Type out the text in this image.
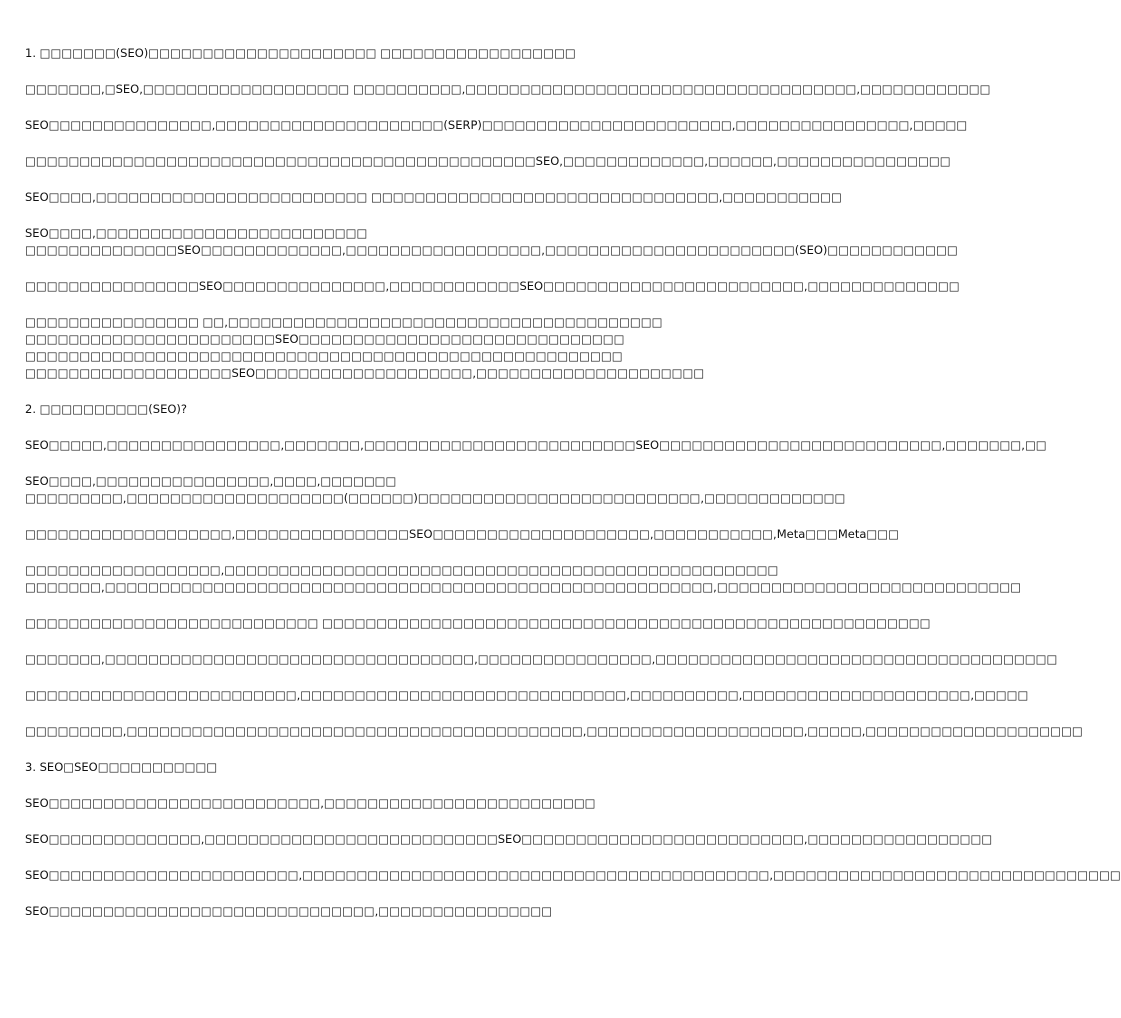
1. □□□□□□□(SEO)□□□□□□□□□□□□□□□□□□□□□ □□□□□□□□□□□□□□□□□□
□□□□□□□,□SEO,□□□□□□□□□□□□□□□□□□□ □□□□□□□□□□,□□□□□□□□□□□□□□□□□□□□□□□□□□□□□□□□□□□□,□□□□□□□□□□□□
SEO□□□□□□□□□□□□□□□,□□□□□□□□□□□□□□□□□□□□□(SERP)□□□□□□□□□□□□□□□□□□□□□□□,□□□□□□□□□□□□□□□□,□□□□□
□□□□□□□□□□□□□□□□□□□□□□□□□□□□□□□□□□□□□□□□□□□□□□□SEO,□□□□□□□□□□□□□,□□□□□□,□□□□□□□□□□□□□□□□
SEO□□□□,□□□□□□□□□□□□□□□□□□□□□□□□□ □□□□□□□□□□□□□□□□□□□□□□□□□□□□□□□□,□□□□□□□□□□□
SEO□□□□,□□□□□□□□□□□□□□□□□□□□□□□□□
□□□□□□□□□□□□□□SEO□□□□□□□□□□□□□,□□□□□□□□□□□□□□□□□□,□□□□□□□□□□□□□□□□□□□□□□□(SEO)□□□□□□□□□□□□
□□□□□□□□□□□□□□□□SEO□□□□□□□□□□□□□□□,□□□□□□□□□□□□SEO□□□□□□□□□□□□□□□□□□□□□□□□,□□□□□□□□□□□□□□
□□□□□□□□□□□□□□□□ □□,□□□□□□□□□□□□□□□□□□□□□□□□□□□□□□□□□□□□□□□□
□□□□□□□□□□□□□□□□□□□□□□□SEO□□□□□□□□□□□□□□□□□□□□□□□□□□□□□□
□□□□□□□□□□□□□□□□□□□□□□□□□□□□□□□□□□□□□□□□□□□□□□□□□□□□□□□
□□□□□□□□□□□□□□□□□□□SEO□□□□□□□□□□□□□□□□□□□□,□□□□□□□□□□□□□□□□□□□□□
2. □□□□□□□□□□(SEO)?
SEO□□□□□,□□□□□□□□□□□□□□□□,□□□□□□□,□□□□□□□□□□□□□□□□□□□□□□□□□SEO□□□□□□□□□□□□□□□□□□□□□□□□□□,□□□□□□□,□□
SEO□□□□,□□□□□□□□□□□□□□□□,□□□□,□□□□□□□
□□□□□□□□□,□□□□□□□□□□□□□□□□□□□□(□□□□□□)□□□□□□□□□□□□□□□□□□□□□□□□□□,□□□□□□□□□□□□□
□□□□□□□□□□□□□□□□□□□,□□□□□□□□□□□□□□□□SEO□□□□□□□□□□□□□□□□□□□□,□□□□□□□□□□□,Meta□□□Meta□□□
□□□□□□□□□□□□□□□□□□,□□□□□□□□□□□□□□□□□□□□□□□□□□□□□□□□□□□□□□□□□□□□□□□□□□□
□□□□□□□,□□□□□□□□□□□□□□□□□□□□□□□□□□□□□□□□□□□□□□□□□□□□□□□□□□□□□□□□,□□□□□□□□□□□□□□□□□□□□□□□□□□□□
□□□□□□□□□□□□□□□□□□□□□□□□□□□ □□□□□□□□□□□□□□□□□□□□□□□□□□□□□□□□□□□□□□□□□□□□□□□□□□□□□□□□
□□□□□□□,□□□□□□□□□□□□□□□□□□□□□□□□□□□□□□□□□□,□□□□□□□□□□□□□□□□,□□□□□□□□□□□□□□□□□□□□□□□□□□□□□□□□□□□□□
□□□□□□□□□□□□□□□□□□□□□□□□□,□□□□□□□□□□□□□□□□□□□□□□□□□□□□□□,□□□□□□□□□□,□□□□□□□□□□□□□□□□□□□□□,□□□□□
□□□□□□□□□,□□□□□□□□□□□□□□□□□□□□□□□□□□□□□□□□□□□□□□□□□□,□□□□□□□□□□□□□□□□□□□□,□□□□□,□□□□□□□□□□□□□□□□□□□□
3. SEO□SEO□□□□□□□□□□□
SEO□□□□□□□□□□□□□□□□□□□□□□□□□,□□□□□□□□□□□□□□□□□□□□□□□□□
SEO□□□□□□□□□□□□□□,□□□□□□□□□□□□□□□□□□□□□□□□□□□SEO□□□□□□□□□□□□□□□□□□□□□□□□□□,□□□□□□□□□□□□□□□□□
SEO□□□□□□□□□□□□□□□□□□□□□□□,□□□□□□□□□□□□□□□□□□□□□□□□□□□□□□□□□□□□□□□□□□□,□□□□□□□□□□□□□□□□□□□□□□□□□□□□□□□□
SEO□□□□□□□□□□□□□□□□□□□□□□□□□□□□□□,□□□□□□□□□□□□□□□□
